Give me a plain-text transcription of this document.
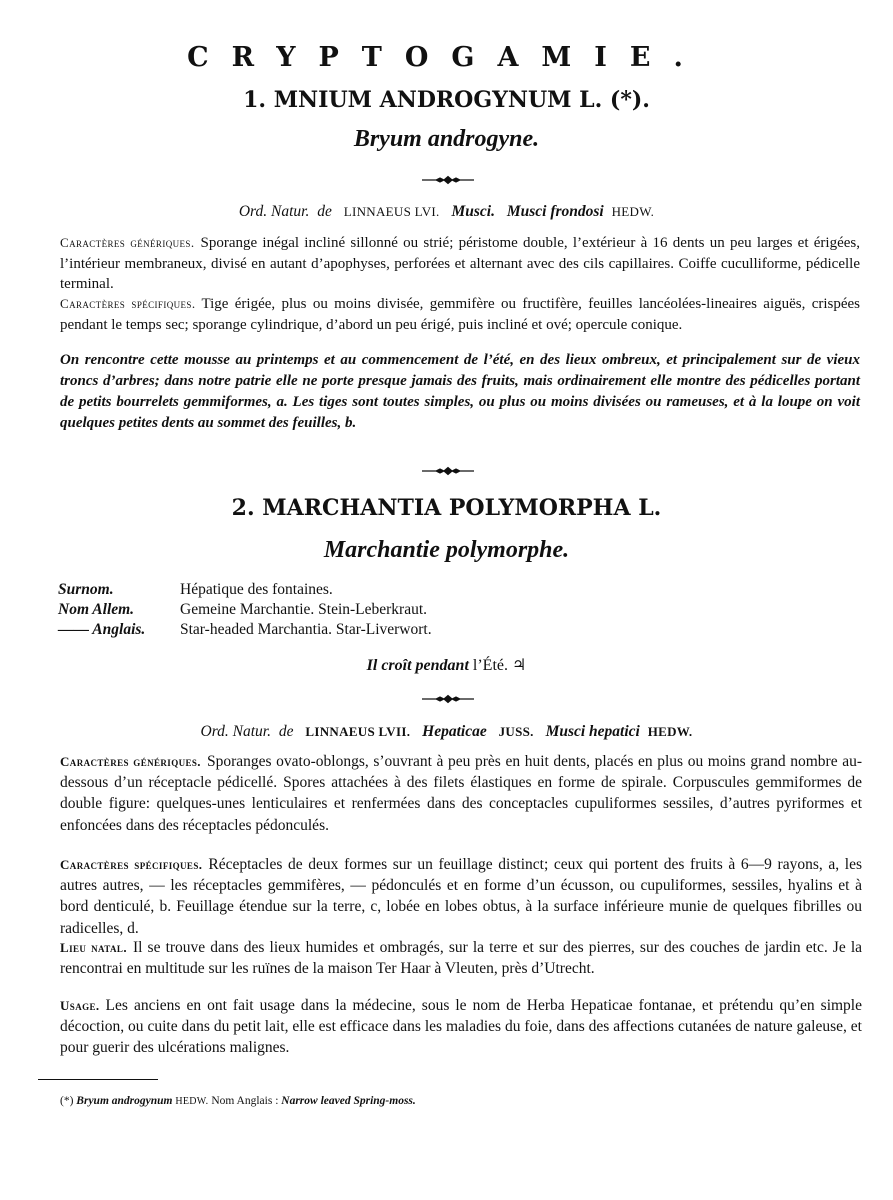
CRYPTOGAMIE.
1. MNIUM ANDROGYNUM L. (*).
Bryum androgyne.
Ord. Natur. de LINNAEUS LVI. Musci. Musci frondosi HEDW.
Caractères génériques. Sporange inégal incliné sillonné ou strié; péristome double, l’extérieur à 16 dents un peu larges et érigées, l’intérieur membraneux, divisé en autant d’apophyses, perforées et alternant avec des cils capillaires. Coiffe cuculliforme, pédicelle terminal.
Caractères spécifiques. Tige érigée, plus ou moins divisée, gemmifère ou fructifère, feuilles lancéolées-lineaires aiguës, crispées pendant le temps sec; sporange cylindrique, d’abord un peu érigé, puis incliné et ové; opercule conique.
On rencontre cette mousse au printemps et au commencement de l’été, en des lieux ombreux, et principalement sur de vieux troncs d’arbres; dans notre patrie elle ne porte presque jamais des fruits, mais ordinairement elle montre des pédicelles portant de petits bourrelets gemmiformes, a. Les tiges sont toutes simples, ou plus ou moins divisées ou rameuses, et à la loupe on voit quelques petites dents au sommet des feuilles, b.
2. MARCHANTIA POLYMORPHA L.
Marchantie polymorphe.
Surnom.	Hépatique des fontaines.
Nom Allem.	Gemeine Marchantie. Stein-Leberkraut.
—— Anglais. Star-headed Marchantia. Star-Liverwort.
Il croît pendant l’Été. ♃
Ord. Natur. de LINNAEUS LVII. Hepaticae JUSS. Musci hepatici HEDW.
Caractères génériques. Sporanges ovato-oblongs, s’ouvrant à peu près en huit dents, placés en plus ou moins grand nombre au-dessous d’un réceptacle pédicellé. Spores attachées à des filets élastiques en forme de spirale. Corpuscules gemmiformes de double figure: quelques-unes lenticulaires et renfermées dans des conceptacles cupuliformes sessiles, d’autres pyriformes et enfoncées dans des réceptacles pédonculés.
Caractères spécifiques. Réceptacles de deux formes sur un feuillage distinct; ceux qui portent des fruits à 6—9 rayons, a, les autres autres, — les réceptacles gemmifères, — pédonculés et en forme d’un écusson, ou cupuliformes, sessiles, hyalins et à bord denticulé, b. Feuillage étendue sur la terre, c, lobée en lobes obtus, à la surface inférieure munie de quelques fibrilles ou radicelles, d.
Lieu natal. Il se trouve dans des lieux humides et ombragés, sur la terre et sur des pierres, sur des couches de jardin etc. Je la rencontrai en multitude sur les ruïnes de la maison Ter Haar à Vleuten, près d’Utrecht.
Usage. Les anciens en ont fait usage dans la médecine, sous le nom de Herba Hepaticae fontanae, et prétendu qu’en simple décoction, ou cuite dans du petit lait, elle est efficace dans les maladies du foie, dans des affections cutanées de nature galeuse, et pour guerir des ulcérations malignes.
(*) Bryum androgynum HEDW. Nom Anglais : Narrow leaved Spring-moss.
